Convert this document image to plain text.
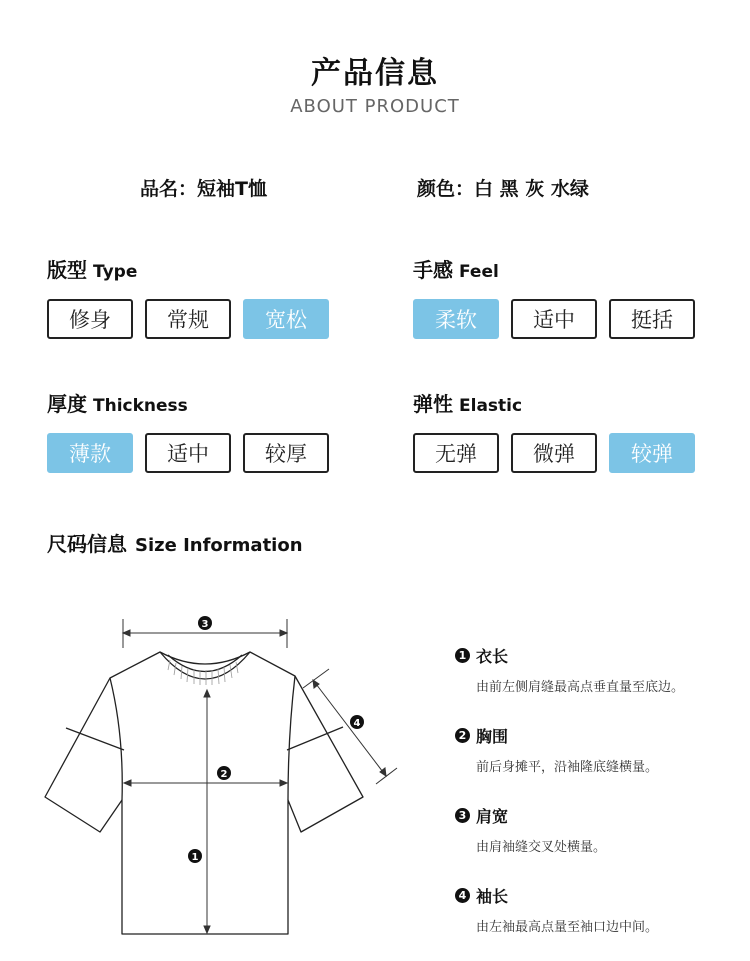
产品信息
ABOUT PRODUCT
品名：短袖T恤	颜色：白 黑 灰 水绿
版型 Type
修身	常规	宽松
手感 Feel
柔软	适中	挺括
厚度 Thickness
薄款	适中	较厚
弹性 Elastic
无弹	微弹	较弹
尺码信息 Size Information
3
2
1
4
1 衣长
由前左侧肩缝最高点垂直量至底边。
2 胸围
前后身摊平，沿袖隆底缝横量。
3 肩宽
由肩袖缝交叉处横量。
4 袖长
由左袖最高点量至袖口边中间。
